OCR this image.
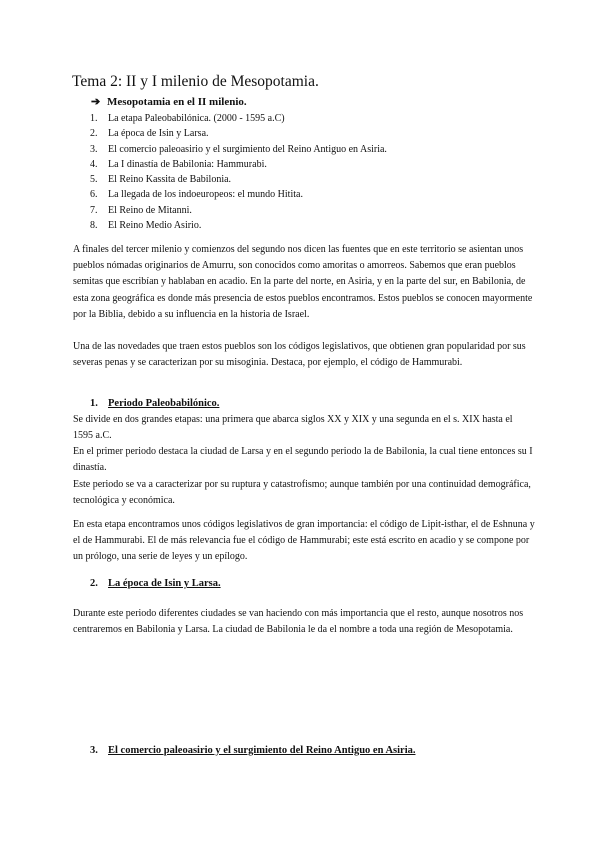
Tema 2: II y I milenio de Mesopotamia.
➔ Mesopotamia en el II milenio.
1. La etapa Paleobabilónica. (2000 - 1595 a.C)
2. La época de Isin y Larsa.
3. El comercio paleoasirio y el surgimiento del Reino Antiguo en Asiria.
4. La I dinastía de Babilonia: Hammurabi.
5. El Reino Kassita de Babilonia.
6. La llegada de los indoeuropeos: el mundo Hitita.
7. El Reino de Mitanni.
8. El Reino Medio Asirio.

A finales del tercer milenio y comienzos del segundo nos dicen las fuentes que en este territorio se asientan unos pueblos nómadas originarios de Amurru, son conocidos como amoritas o amorreos. Sabemos que eran pueblos semitas que escribían y hablaban en acadio. En la parte del norte, en Asiria, y en la parte del sur, en Babilonia, de esta zona geográfica es donde más presencia de estos pueblos encontramos. Estos pueblos se conocen mayormente por la Biblia, debido a su influencia en la historia de Israel.

Una de las novedades que traen estos pueblos son los códigos legislativos, que obtienen gran popularidad por sus severas penas y se caracterizan por su misoginia. Destaca, por ejemplo, el código de Hammurabi.

1. Periodo Paleobabilónico.

Se divide en dos grandes etapas: una primera que abarca siglos XX y XIX y una segunda en el s. XIX hasta el 1595 a.C.

En el primer periodo destaca la ciudad de Larsa y en el segundo periodo la de Babilonia, la cual tiene entonces su I dinastía.

Este periodo se va a caracterizar por su ruptura y catastrofismo; aunque también por una continuidad demográfica, tecnológica y económica.

En esta etapa encontramos unos códigos legislativos de gran importancia: el código de Lipit-isthar, el de Eshnuna y el de Hammurabi. El de más relevancia fue el código de Hammurabi; este está escrito en acadio y se compone por un prólogo, una serie de leyes y un epílogo.

2. La época de Isin y Larsa.

Durante este periodo diferentes ciudades se van haciendo con más importancia que el resto, aunque nosotros nos centraremos en Babilonia y Larsa. La ciudad de Babilonia le da el nombre a toda una región de Mesopotamia.

3. El comercio paleoasirio y el surgimiento del Reino Antiguo en Asiria.
